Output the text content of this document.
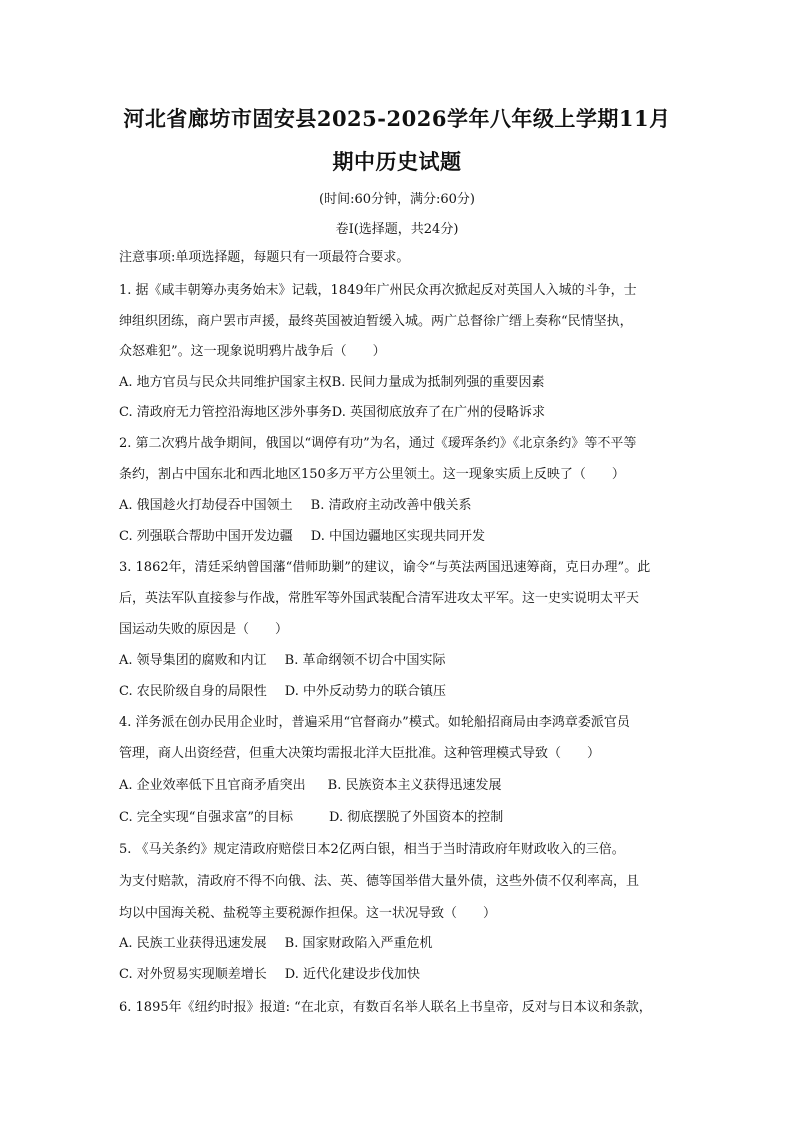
河北省廊坊市固安县2025-2026学年八年级上学期11月
期中历史试题
(时间:60分钟，满分:60分)
卷Ⅰ(选择题，共24分)
注意事项:单项选择题，每题只有一项最符合要求。
1. 据《咸丰朝筹办夷务始末》记载，1849年广州民众再次掀起反对英国人入城的斗争，士
绅组织团练，商户罢市声援，最终英国被迫暂缓入城。两广总督徐广缙上奏称“民情坚执，
众怒难犯”。这一现象说明鸦片战争后（　　）
A. 地方官员与民众共同维护国家主权B. 民间力量成为抵制列强的重要因素
C. 清政府无力管控沿海地区涉外事务D. 英国彻底放弃了在广州的侵略诉求
2. 第二次鸦片战争期间，俄国以“调停有功”为名，通过《瑷珲条约》《北京条约》等不平等
条约，割占中国东北和西北地区150多万平方公里领土。这一现象实质上反映了（　　）
A. 俄国趁火打劫侵吞中国领土 B. 清政府主动改善中俄关系
C. 列强联合帮助中国开发边疆 D. 中国边疆地区实现共同开发
3. 1862年，清廷采纳曾国藩“借师助剿”的建议，谕令“与英法两国迅速筹商，克日办理”。此
后，英法军队直接参与作战，常胜军等外国武装配合清军进攻太平军。这一史实说明太平天
国运动失败的原因是（　　）
A. 领导集团的腐败和内讧 B. 革命纲领不切合中国实际
C. 农民阶级自身的局限性 D. 中外反动势力的联合镇压
4. 洋务派在创办民用企业时，普遍采用“官督商办”模式。如轮船招商局由李鸿章委派官员
管理，商人出资经营，但重大决策均需报北洋大臣批准。这种管理模式导致（　　）
A. 企业效率低下且官商矛盾突出 B. 民族资本主义获得迅速发展
C. 完全实现“自强求富”的目标	D. 彻底摆脱了外国资本的控制
5. 《马关条约》规定清政府赔偿日本2亿两白银，相当于当时清政府年财政收入的三倍。
为支付赔款，清政府不得不向俄、法、英、德等国举借大量外债，这些外债不仅利率高，且
均以中国海关税、盐税等主要税源作担保。这一状况导致（　　）
A. 民族工业获得迅速发展 B. 国家财政陷入严重危机
C. 对外贸易实现顺差增长 D. 近代化建设步伐加快
6. 1895年《纽约时报》报道: “在北京，有数百名举人联名上书皇帝，反对与日本议和条款，
